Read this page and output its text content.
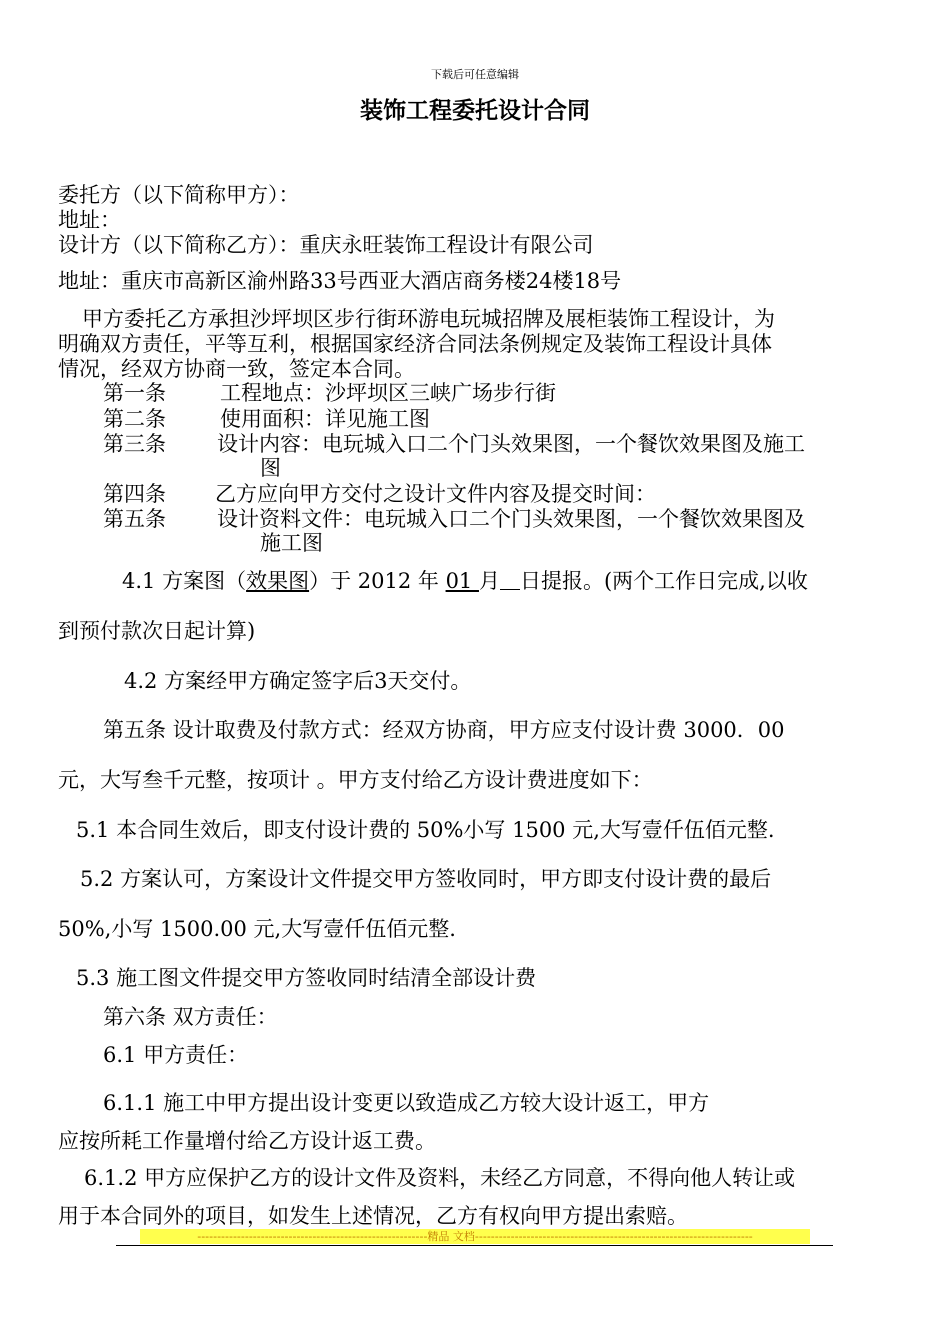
下载后可任意编辑
装饰工程委托设计合同
委托方（以下简称甲方）：
地址：
设计方（以下简称乙方）：重庆永旺装饰工程设计有限公司
地址：重庆市高新区渝州路33号西亚大酒店商务楼24楼18号
甲方委托乙方承担沙坪坝区步行街环游电玩城招牌及展柜装饰工程设计，为
明确双方责任，平等互利，根据国家经济合同法条例规定及装饰工程设计具体
情况，经双方协商一致，签定本合同。
第一条	工程地点：沙坪坝区三峡广场步行街
第二条	使用面积：详见施工图
第三条 设计内容：电玩城入口二个门头效果图，一个餐饮效果图及施工
图
第四条 乙方应向甲方交付之设计文件内容及提交时间：
第五条 设计资料文件：电玩城入口二个门头效果图，一个餐饮效果图及
施工图
4.1 方案图（效果图）于 2012 年 01 月 日提报。(两个工作日完成,以收
到预付款次日起计算)
4.2 方案经甲方确定签字后3天交付。
第五条 设计取费及付款方式：经双方协商，甲方应支付设计费 3000．00
元，大写叁千元整，按项计 。甲方支付给乙方设计费进度如下：
5.1 本合同生效后，即支付设计费的 50%小写 1500 元,大写壹仟伍佰元整.
5.2 方案认可，方案设计文件提交甲方签收同时，甲方即支付设计费的最后
50%,小写 1500.00 元,大写壹仟伍佰元整.
5.3 施工图文件提交甲方签收同时结清全部设计费
第六条 双方责任：
6.1 甲方责任：
6.1.1 施工中甲方提出设计变更以致造成乙方较大设计返工，甲方
应按所耗工作量增付给乙方设计返工费。
6.1.2 甲方应保护乙方的设计文件及资料，未经乙方同意，不得向他人转让或
用于本合同外的项目，如发生上述情况，乙方有权向甲方提出索赔。
----------------------------------------------------------精品 文档----------------------------------------------------------------------
